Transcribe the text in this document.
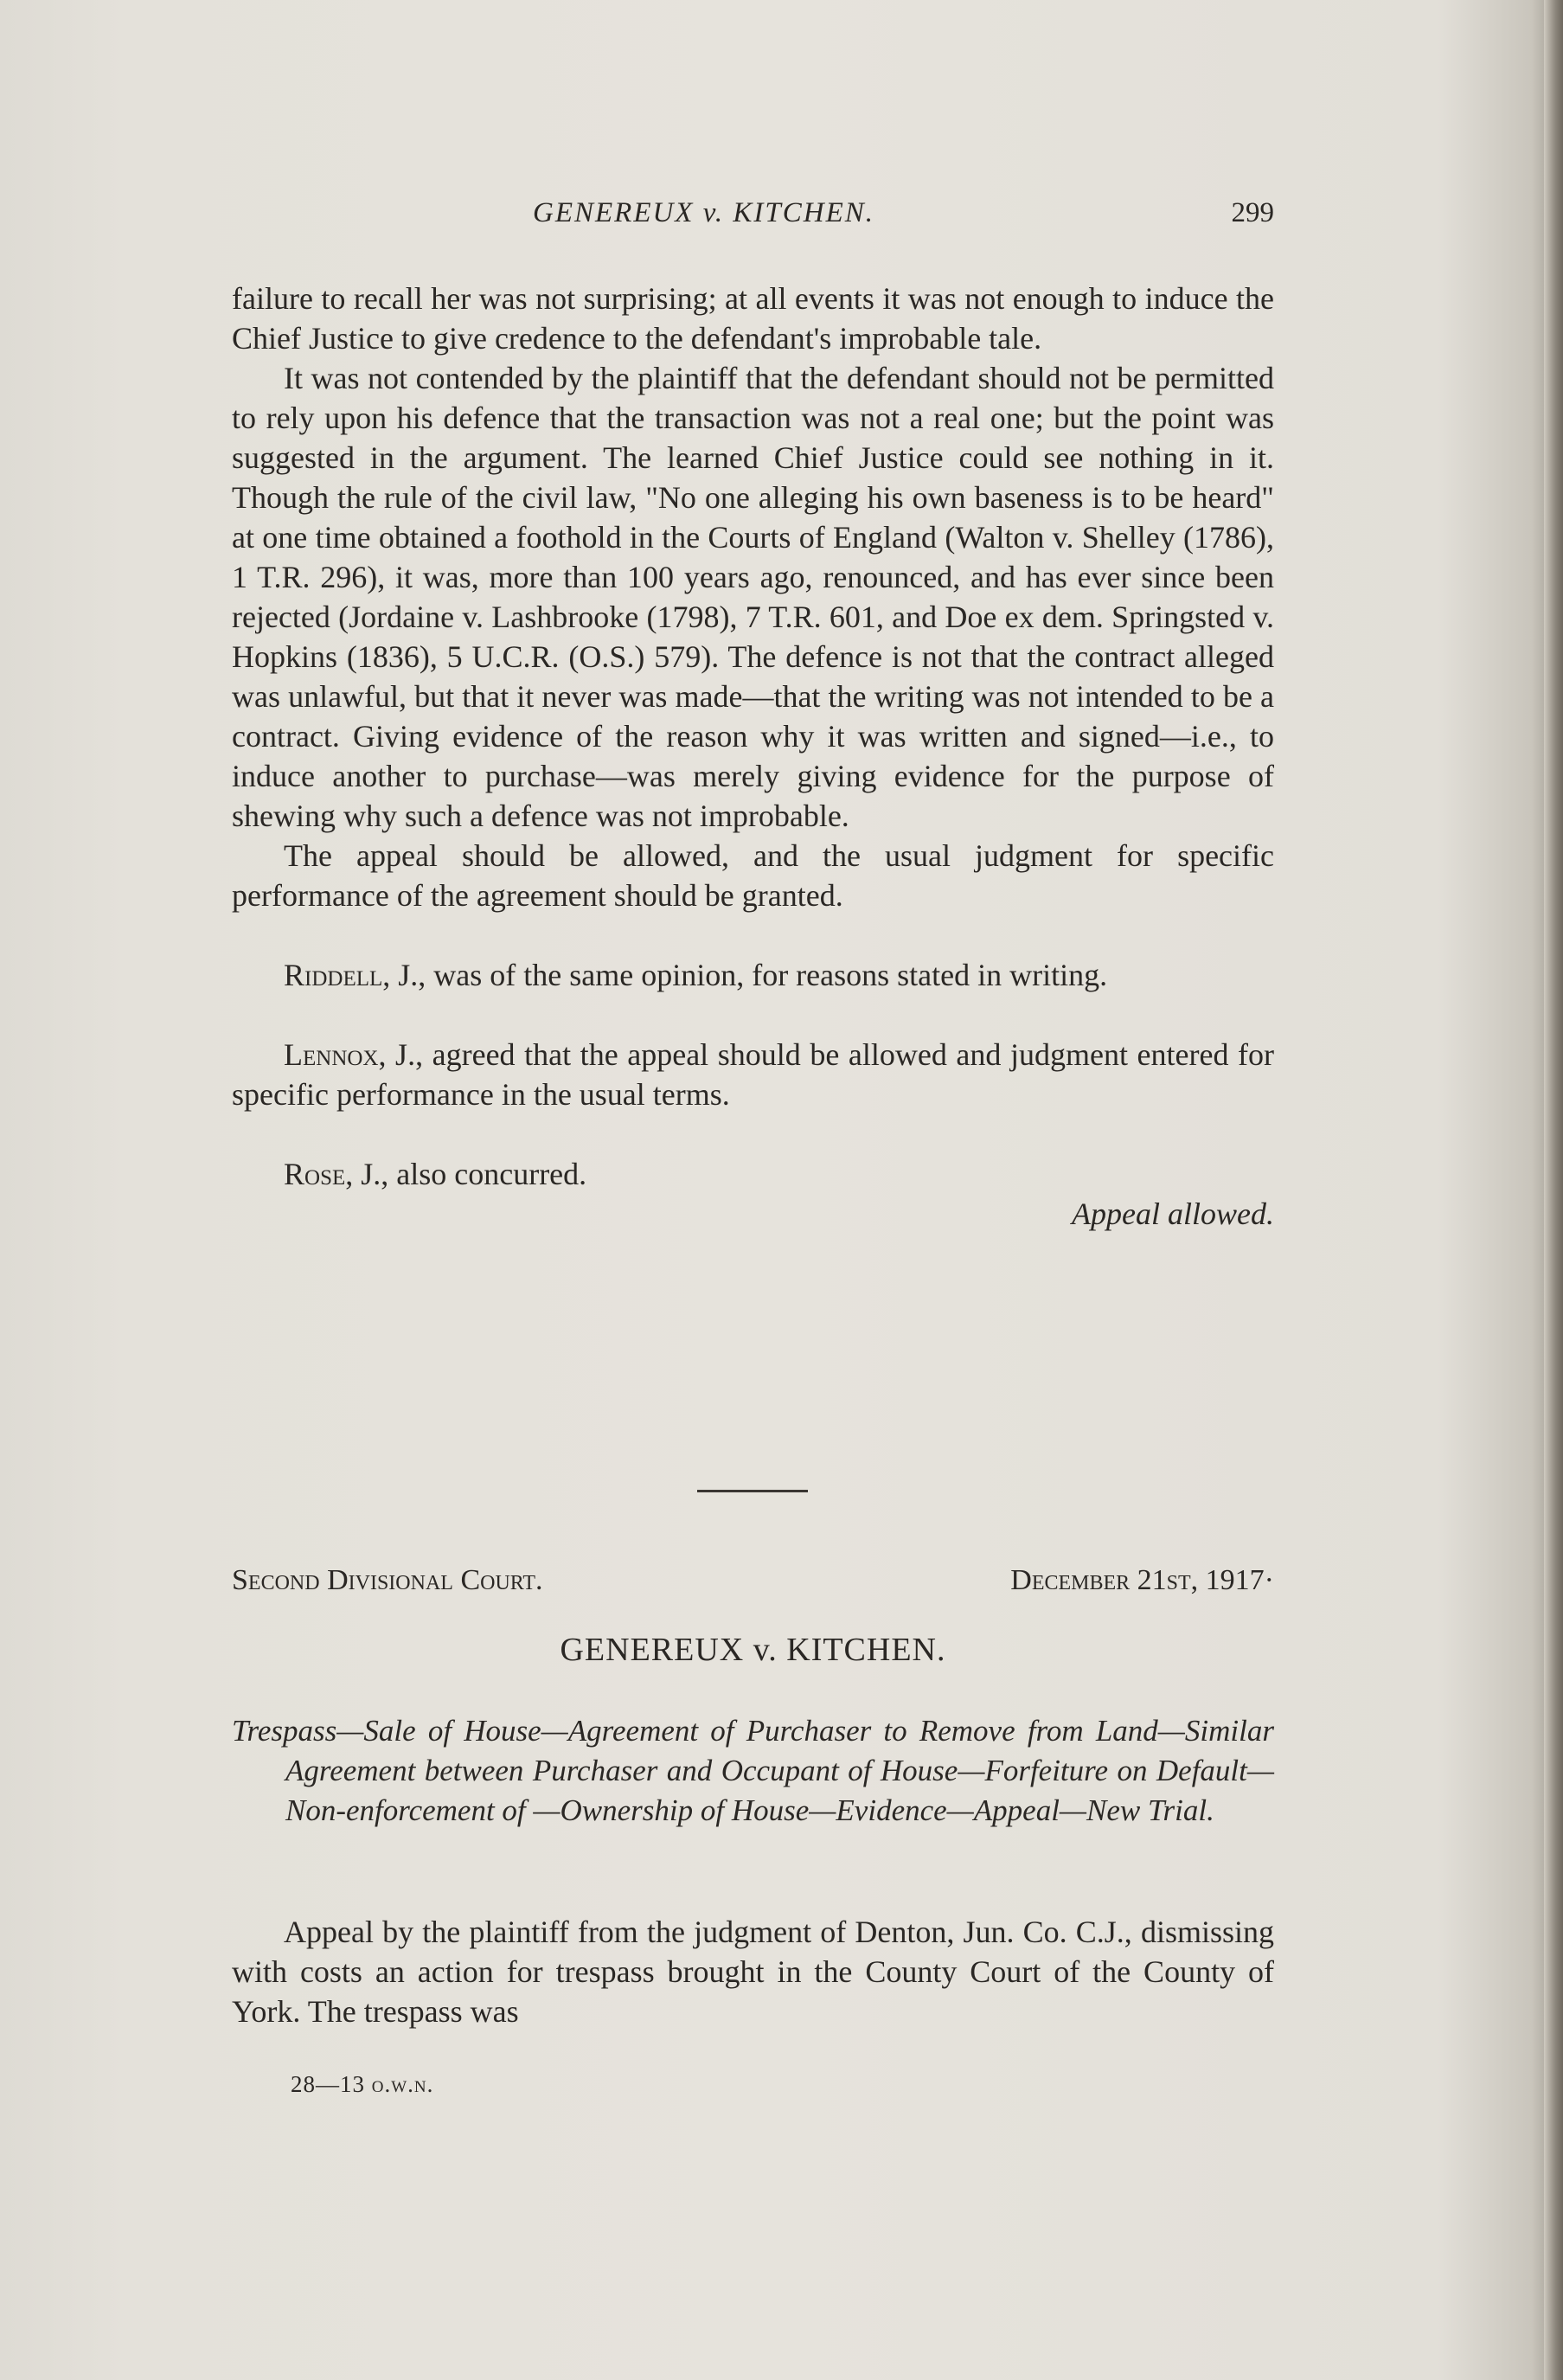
GENEREUX v. KITCHEN.	299

failure to recall her was not surprising; at all events it was not enough to induce the Chief Justice to give credence to the defendant's improbable tale.

It was not contended by the plaintiff that the defendant should not be permitted to rely upon his defence that the transaction was not a real one; but the point was suggested in the argument. The learned Chief Justice could see nothing in it. Though the rule of the civil law, "No one alleging his own baseness is to be heard" at one time obtained a foothold in the Courts of England (Walton v. Shelley (1786), 1 T.R. 296), it was, more than 100 years ago, renounced, and has ever since been rejected (Jordaine v. Lashbrooke (1798), 7 T.R. 601, and Doe ex dem. Springsted v. Hopkins (1836), 5 U.C.R. (O.S.) 579). The defence is not that the contract alleged was unlawful, but that it never was made—that the writing was not intended to be a contract. Giving evidence of the reason why it was written and signed—i.e., to induce another to purchase—was merely giving evidence for the purpose of shewing why such a defence was not improbable.

The appeal should be allowed, and the usual judgment for specific performance of the agreement should be granted.

Riddell, J., was of the same opinion, for reasons stated in writing.

Lennox, J., agreed that the appeal should be allowed and judgment entered for specific performance in the usual terms.

Rose, J., also concurred.

Appeal allowed.

Second Divisional Court.	December 21st, 1917·
GENEREUX v. KITCHEN.

Trespass—Sale of House—Agreement of Purchaser to Remove from Land—Similar Agreement between Purchaser and Occupant of House—Forfeiture on Default—Non-enforcement of —Ownership of House—Evidence—Appeal—New Trial.

Appeal by the plaintiff from the judgment of Denton, Jun. Co. C.J., dismissing with costs an action for trespass brought in the County Court of the County of York. The trespass was

28—13 o.w.n.
